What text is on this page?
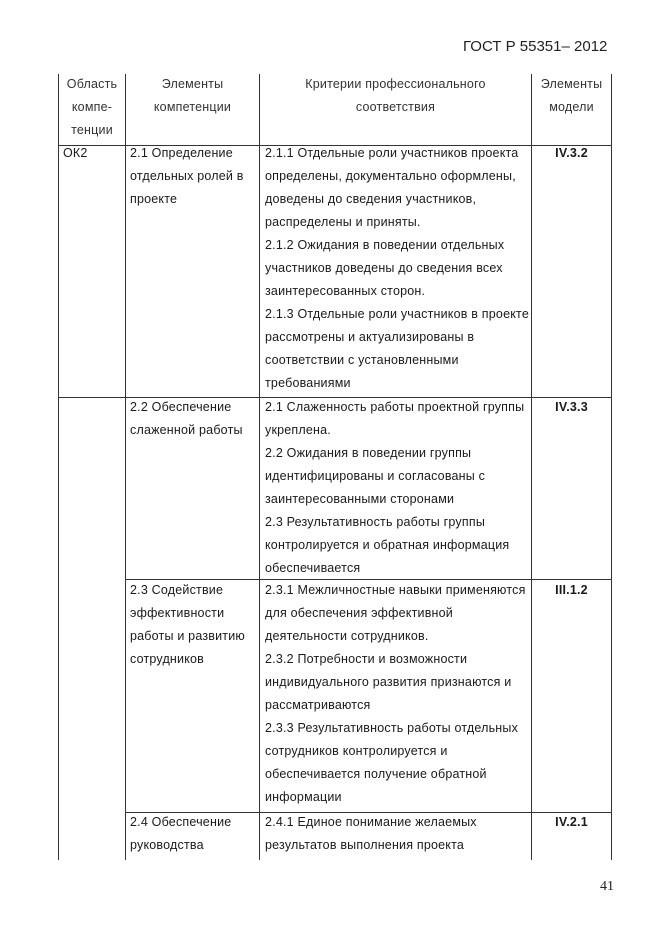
ГОСТ Р 55351– 2012
Область
компе-
тенции
Элементы
компетенции
Критерии профессионального
соответствия
Элементы
модели
ОК2	2.1 Определение отдельных ролей в проекте
2.1.1 Отдельные роли участников проекта определены, документально оформлены, доведены до сведения участников, распределены и приняты.
2.1.2 Ожидания в поведении отдельных участников доведены до сведения всех заинтересованных сторон.
2.1.3 Отдельные роли участников в проекте рассмотрены и актуализированы в соответствии с установленными требованиями
IV.3.2
2.2 Обеспечение слаженной работы
2.1 Слаженность работы проектной группы укреплена.
2.2 Ожидания в поведении группы идентифицированы и согласованы с заинтересованными сторонами
2.3 Результативность работы группы контролируется и обратная информация обеспечивается
IV.3.3
2.3 Содействие эффективности работы и развитию сотрудников
2.3.1 Межличностные навыки применяются для обеспечения эффективной деятельности сотрудников.
2.3.2 Потребности и возможности индивидуального развития признаются и рассматриваются
2.3.3 Результативность работы отдельных сотрудников контролируется и обеспечивается получение обратной информации
III.1.2
2.4 Обеспечение руководства
2.4.1 Единое понимание желаемых результатов выполнения проекта
IV.2.1
41
